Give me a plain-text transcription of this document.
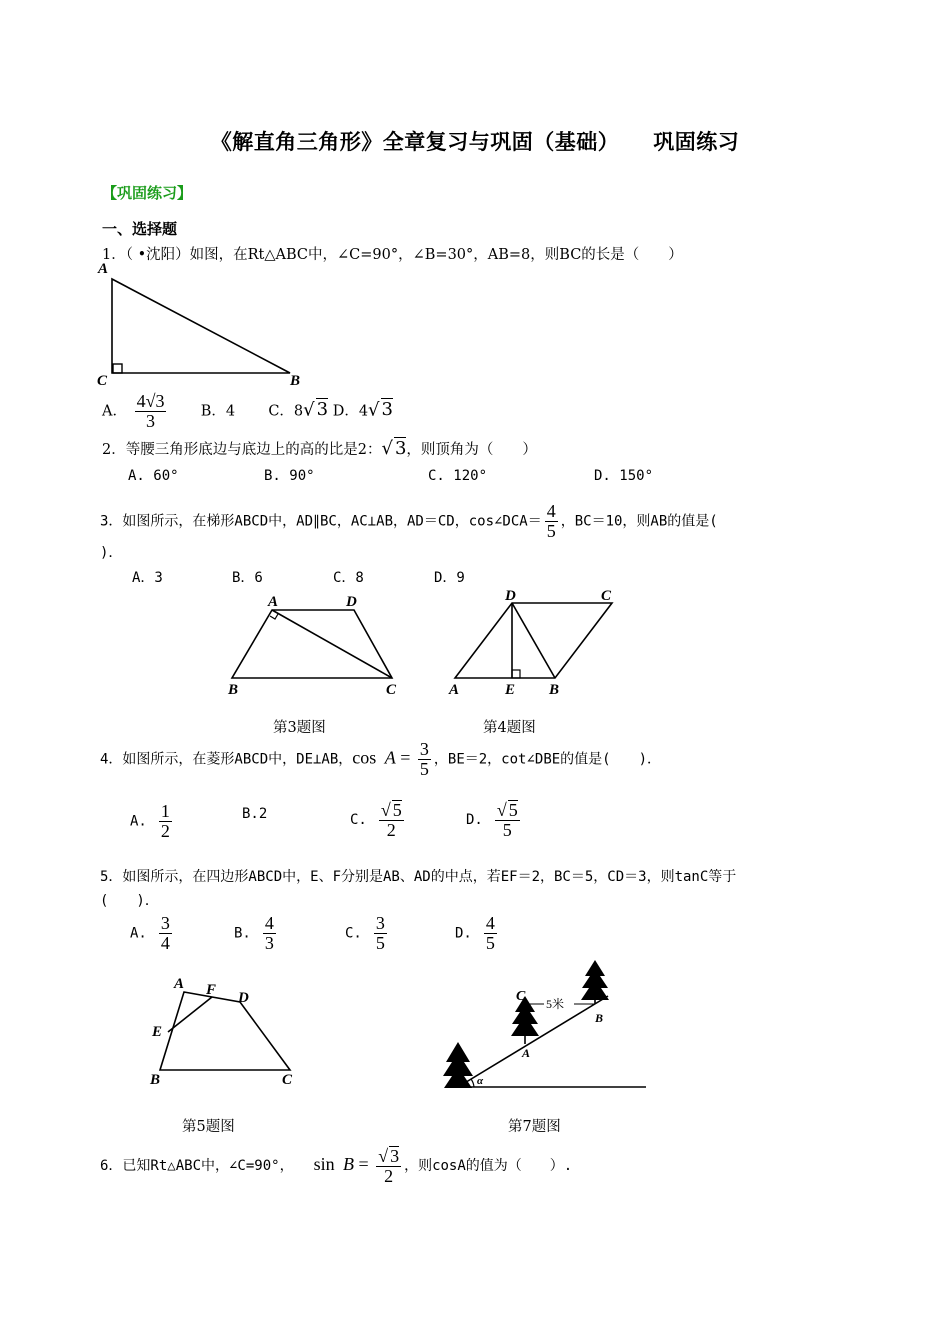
《解直角三角形》全章复习与巩固（基础） 巩固练习
【巩固练习】
一、选择题
1．（ •沈阳）如图，在Rt△ABC中，∠C=90°，∠B=30°，AB=8，则BC的长是（　　）
A
C	B
A． $\frac{4√3}{3}$ B．4 C．8√ 3 D．4√ 3
2．等腰三角形底边与底边上的高的比是2：√ 3，则顶角为（　　）
A. 60°	B. 90°	C. 120°	D. 150°
3．如图所示，在梯形ABCD中，AD∥BC，AC⊥AB，AD＝CD，cos∠DCA＝ $\frac{4}{5}$ ，BC＝10，则AB的值是(
)．
A．3	B．6	C．8	D．9
A	D
B	C
D	C
A	E B
第3题图	第4题图
4．如图所示，在菱形ABCD中，DE⊥AB，$\cos A = \frac{3}{5}$ ，BE＝2，cot∠DBE的值是(　　)．
A. $\frac{1}{2}$	B.2	C. $\frac{√ 5}{2}$	D. $\frac{√ 5}{5}$
5．如图所示，在四边形ABCD中，E、F分别是AB、AD的中点，若EF＝2，BC＝5，CD＝3，则tanC等于
(　　)．
A. $\frac{3}{4}$	B. $\frac{4}{3}$	C. $\frac{3}{5}$	D. $\frac{4}{5}$
A F D
E
B	C
5米
C
A
B
α
第5题图	第7题图
6．已知Rt△ABC中，∠C=90°， $\sin B = \frac{√ 3}{2}$ ，则cosA的值为（　　）.
